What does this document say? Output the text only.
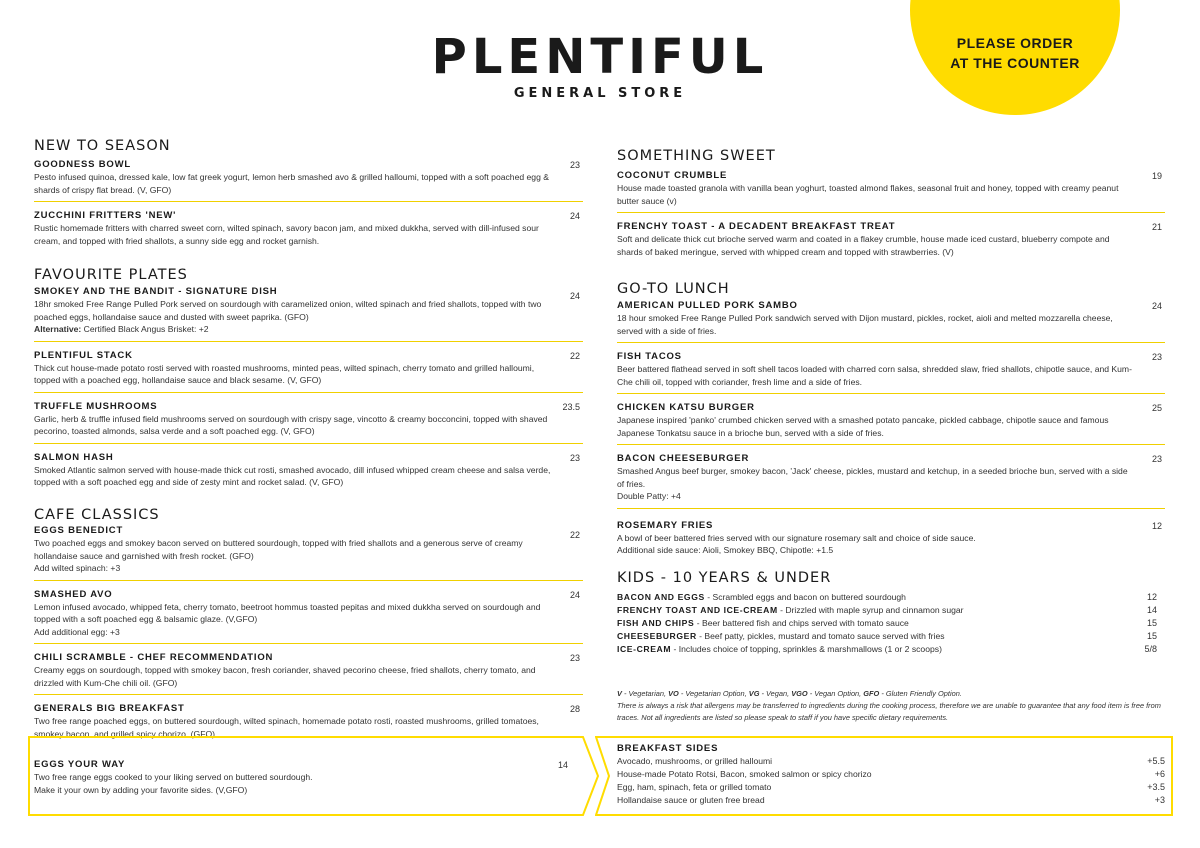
PLEASE ORDER
AT THE COUNTER
PLENTIFUL
GENERAL STORE
NEW TO SEASON
GOODNESS BOWL	23
Pesto infused quinoa, dressed kale, low fat greek yogurt, lemon herb smashed avo & grilled halloumi, topped with a soft poached egg & shards of crispy flat bread. (V, GFO)
ZUCCHINI FRITTERS 'NEW'	24
Rustic homemade fritters with charred sweet corn, wilted spinach, savory bacon jam, and mixed dukkha, served with dill-infused sour cream, and topped with fried shallots, a sunny side egg and rocket garnish.
FAVOURITE PLATES
SMOKEY AND THE BANDIT - SIGNATURE DISH	24
18hr smoked Free Range Pulled Pork served on sourdough with caramelized onion, wilted spinach and fried shallots, topped with two poached eggs, hollandaise sauce and dusted with sweet paprika. (GFO)
Alternative: Certified Black Angus Brisket: +2
PLENTIFUL STACK	22
Thick cut house-made potato rosti served with roasted mushrooms, minted peas, wilted spinach, cherry tomato and grilled halloumi, topped with a poached egg, hollandaise sauce and black sesame. (V, GFO)
TRUFFLE MUSHROOMS	23.5
Garlic, herb & truffle infused field mushrooms served on sourdough with crispy sage, vincotto & creamy bocconcini, topped with shaved pecorino, toasted almonds, salsa verde and a soft poached egg. (V, GFO)
SALMON HASH	23
Smoked Atlantic salmon served with house-made thick cut rosti, smashed avocado, dill infused whipped cream cheese and salsa verde, topped with a soft poached egg and side of zesty mint and rocket salad. (V, GFO)
CAFE CLASSICS
EGGS BENEDICT	22
Two poached eggs and smokey bacon served on buttered sourdough, topped with fried shallots and a generous serve of creamy hollandaise sauce and garnished with fresh rocket. (GFO)
Add wilted spinach: +3
SMASHED AVO	24
Lemon infused avocado, whipped feta, cherry tomato, beetroot hommus toasted pepitas and mixed dukkha served on sourdough and topped with a soft poached egg & balsamic glaze. (V,GFO)
Add additional egg: +3
CHILI SCRAMBLE - CHEF RECOMMENDATION	23
Creamy eggs on sourdough, topped with smokey bacon, fresh coriander, shaved pecorino cheese, fried shallots, cherry tomato, and drizzled with Kum-Che chili oil. (GFO)
GENERALS BIG BREAKFAST	28
Two free range poached eggs, on buttered sourdough, wilted spinach, homemade potato rosti, roasted mushrooms, grilled tomatoes, smokey bacon, and grilled spicy chorizo. (GFO)
EGGS YOUR WAY	14
Two free range eggs cooked to your liking served on buttered sourdough.
Make it your own by adding your favorite sides. (V,GFO)
SOMETHING SWEET
COCONUT CRUMBLE	19
House made toasted granola with vanilla bean yoghurt, toasted almond flakes, seasonal fruit and honey, topped with creamy peanut butter sauce (v)
FRENCHY TOAST - A DECADENT BREAKFAST TREAT	21
Soft and delicate thick cut brioche served warm and coated in a flakey crumble, house made iced custard, blueberry compote and shards of baked meringue, served with whipped cream and topped with strawberries. (V)
GO-TO LUNCH
AMERICAN PULLED PORK SAMBO	24
18 hour smoked Free Range Pulled Pork sandwich served with Dijon mustard, pickles, rocket, aioli and melted mozzarella cheese, served with a side of fries.
FISH TACOS	23
Beer battered flathead served in soft shell tacos loaded with charred corn salsa, shredded slaw, fried shallots, chipotle sauce, and Kum-Che chili oil, topped with coriander, fresh lime and a side of fries.
CHICKEN KATSU BURGER	25
Japanese inspired 'panko' crumbed chicken served with a smashed potato pancake, pickled cabbage, chipotle sauce and famous Japanese Tonkatsu sauce in a brioche bun, served with a side of fries.
BACON CHEESEBURGER	23
Smashed Angus beef burger, smokey bacon, 'Jack' cheese, pickles, mustard and ketchup, in a seeded brioche bun, served with a side of fries.
Double Patty: +4
ROSEMARY FRIES	12
A bowl of beer battered fries served with our signature rosemary salt and choice of side sauce.
Additional side sauce: Aioli, Smokey BBQ, Chipotle: +1.5
KIDS - 10 YEARS & UNDER
BACON AND EGGS - Scrambled eggs and bacon on buttered sourdough	12
FRENCHY TOAST AND ICE-CREAM - Drizzled with maple syrup and cinnamon sugar	14
FISH AND CHIPS - Beer battered fish and chips served with tomato sauce	15
CHEESEBURGER - Beef patty, pickles, mustard and tomato sauce served with fries	15
ICE-CREAM - Includes choice of topping, sprinkles & marshmallows (1 or 2 scoops)	5/8
V - Vegetarian, VO - Vegetarian Option, VG - Vegan, VGO - Vegan Option, GFO - Gluten Friendly Option.
There is always a risk that allergens may be transferred to ingredients during the cooking process, therefore we are unable to guarantee that any food item is free from traces. Not all ingredients are listed so please speak to staff if you have specific dietary requirements.
BREAKFAST SIDES
Avocado, mushrooms, or grilled halloumi	+5.5
House-made Potato Rotsi, Bacon, smoked salmon or spicy chorizo	+6
Egg, ham, spinach, feta or grilled tomato	+3.5
Hollandaise sauce or gluten free bread	+3
